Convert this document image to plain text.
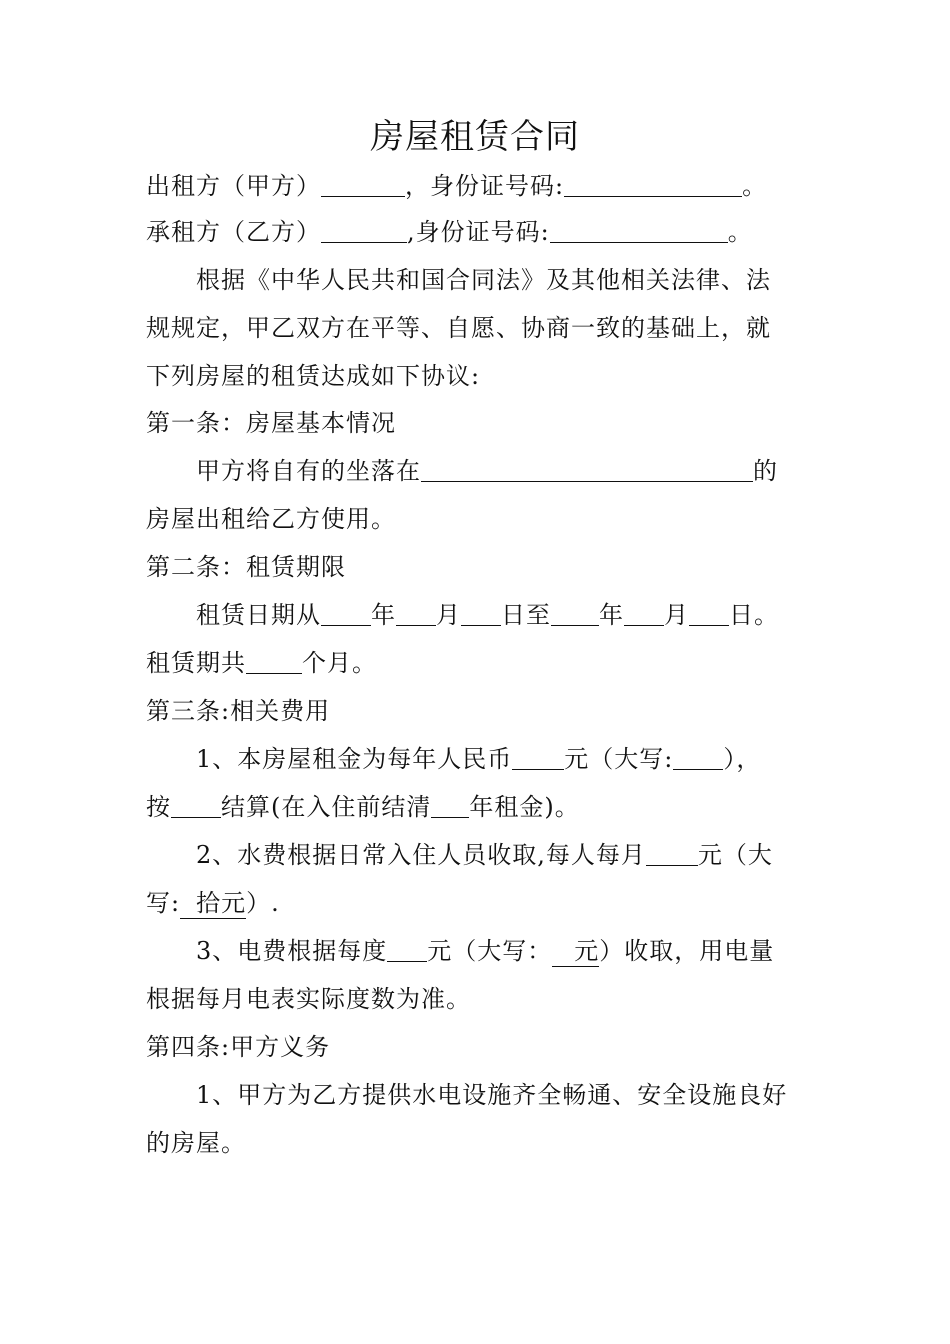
房屋租赁合同
出租方（甲方）	，身份证号码:	。
承租方（乙方）	,身份证号码:	。
根据《中华人民共和国合同法》及其他相关法律、法
规规定，甲乙双方在平等、自愿、协商一致的基础上，就
下列房屋的租赁达成如下协议:
第一条：房屋基本情况
甲方将自有的坐落在	的
房屋出租给乙方使用。
第二条：租赁期限
租赁日期从 年 月 日至 年 月 日。
租赁期共 个月。
第三条:相关费用
1、本房屋租金为每年人民币 元（大写: ），
按 结算(在入住前结清 年租金)。
2、水费根据日常入住人员收取,每人每月 元（大
写: 拾元）.
3、电费根据每度 元（大写： 元）收取，用电量
根据每月电表实际度数为准。
第四条:甲方义务
1、甲方为乙方提供水电设施齐全畅通、安全设施良好
的房屋。
